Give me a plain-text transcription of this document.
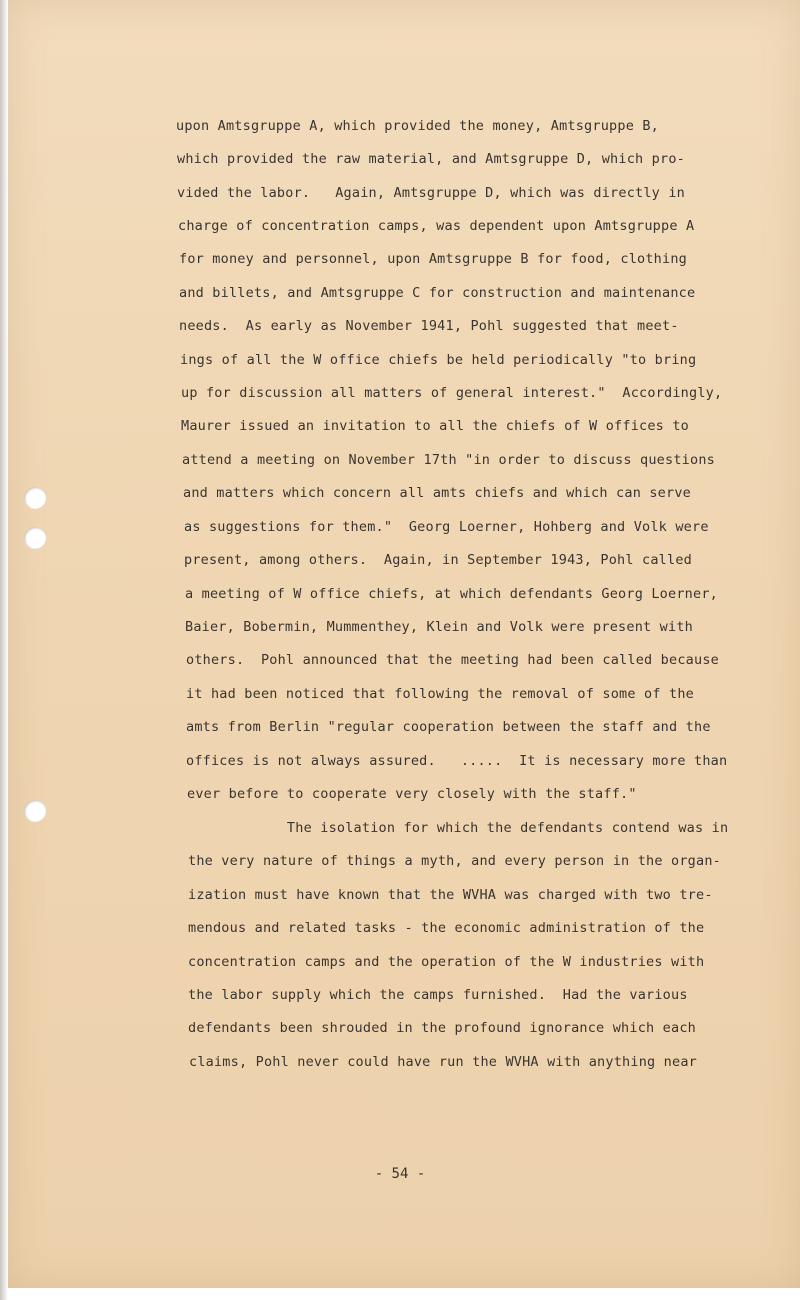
upon Amtsgruppe A, which provided the money, Amtsgruppe B,
which provided the raw material, and Amtsgruppe D, which pro-
vided the labor.   Again, Amtsgruppe D, which was directly in
charge of concentration camps, was dependent upon Amtsgruppe A
for money and personnel, upon Amtsgruppe B for food, clothing
and billets, and Amtsgruppe C for construction and maintenance
needs.  As early as November 1941, Pohl suggested that meet-
ings of all the W office chiefs be held periodically "to bring
up for discussion all matters of general interest."  Accordingly,
Maurer issued an invitation to all the chiefs of W offices to
attend a meeting on November 17th "in order to discuss questions
and matters which concern all amts chiefs and which can serve
as suggestions for them."  Georg Loerner, Hohberg and Volk were
present, among others.  Again, in September 1943, Pohl called
a meeting of W office chiefs, at which defendants Georg Loerner,
Baier, Bobermin, Mummenthey, Klein and Volk were present with
others.  Pohl announced that the meeting had been called because
it had been noticed that following the removal of some of the
amts from Berlin "regular cooperation between the staff and the
offices is not always assured.   .....  It is necessary more than
ever before to cooperate very closely with the staff."
The isolation for which the defendants contend was in
the very nature of things a myth, and every person in the organ-
ization must have known that the WVHA was charged with two tre-
mendous and related tasks - the economic administration of the
concentration camps and the operation of the W industries with
the labor supply which the camps furnished.  Had the various
defendants been shrouded in the profound ignorance which each
claims, Pohl never could have run the WVHA with anything near
- 54 -
